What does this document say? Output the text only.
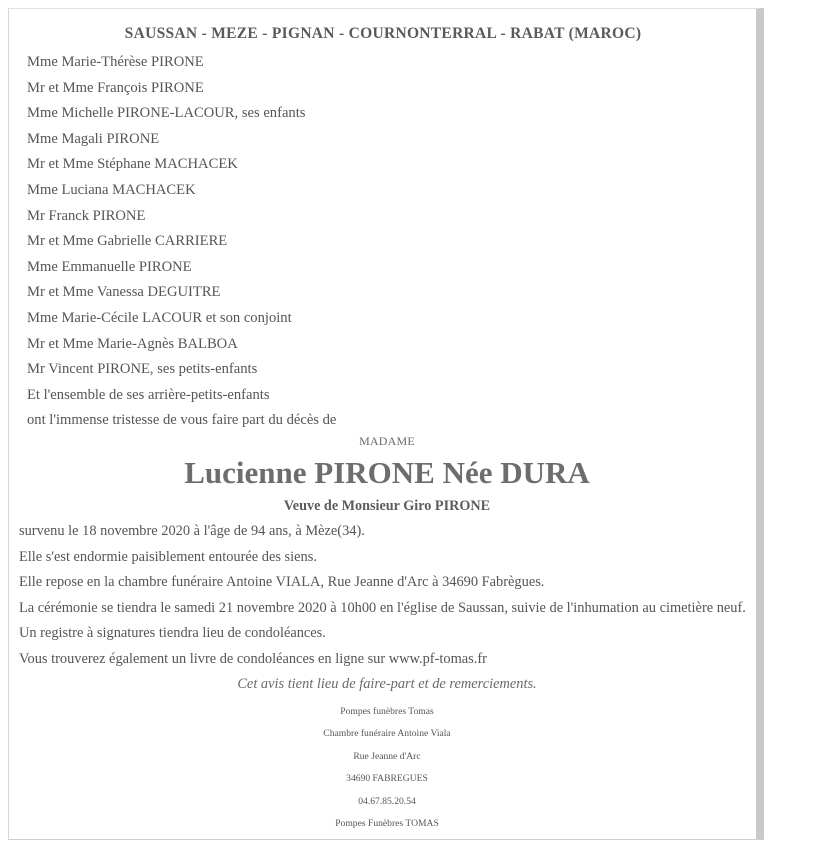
SAUSSAN - MEZE - PIGNAN - COURNONTERRAL - RABAT (MAROC)
Mme Marie-Thérèse PIRONE
Mr et Mme François PIRONE
Mme Michelle PIRONE-LACOUR, ses enfants
Mme Magali PIRONE
Mr et Mme Stéphane MACHACEK
Mme Luciana MACHACEK
Mr Franck PIRONE
Mr et Mme Gabrielle CARRIERE
Mme Emmanuelle PIRONE
Mr et Mme Vanessa DEGUITRE
Mme Marie-Cécile LACOUR et son conjoint
Mr et Mme Marie-Agnès BALBOA
Mr Vincent PIRONE, ses petits-enfants
Et l'ensemble de ses arrière-petits-enfants
ont l'immense tristesse de vous faire part du décès de
MADAME
Lucienne PIRONE Née DURA
Veuve de Monsieur Giro PIRONE
survenu le 18 novembre 2020 à l'âge de 94 ans, à Mèze(34).
Elle s'est endormie paisiblement entourée des siens.
Elle repose en la chambre funéraire Antoine VIALA, Rue Jeanne d'Arc à 34690 Fabrègues.
La cérémonie se tiendra le samedi 21 novembre 2020 à 10h00 en l'église de Saussan, suivie de l'inhumation au cimetière neuf.
Un registre à signatures tiendra lieu de condoléances.
Vous trouverez également un livre de condoléances en ligne sur www.pf-tomas.fr
Cet avis tient lieu de faire-part et de remerciements.
Pompes funèbres Tomas
Chambre funéraire Antoine Viala
Rue Jeanne d'Arc
34690 FABREGUES
04.67.85.20.54
Pompes Funèbres TOMAS
